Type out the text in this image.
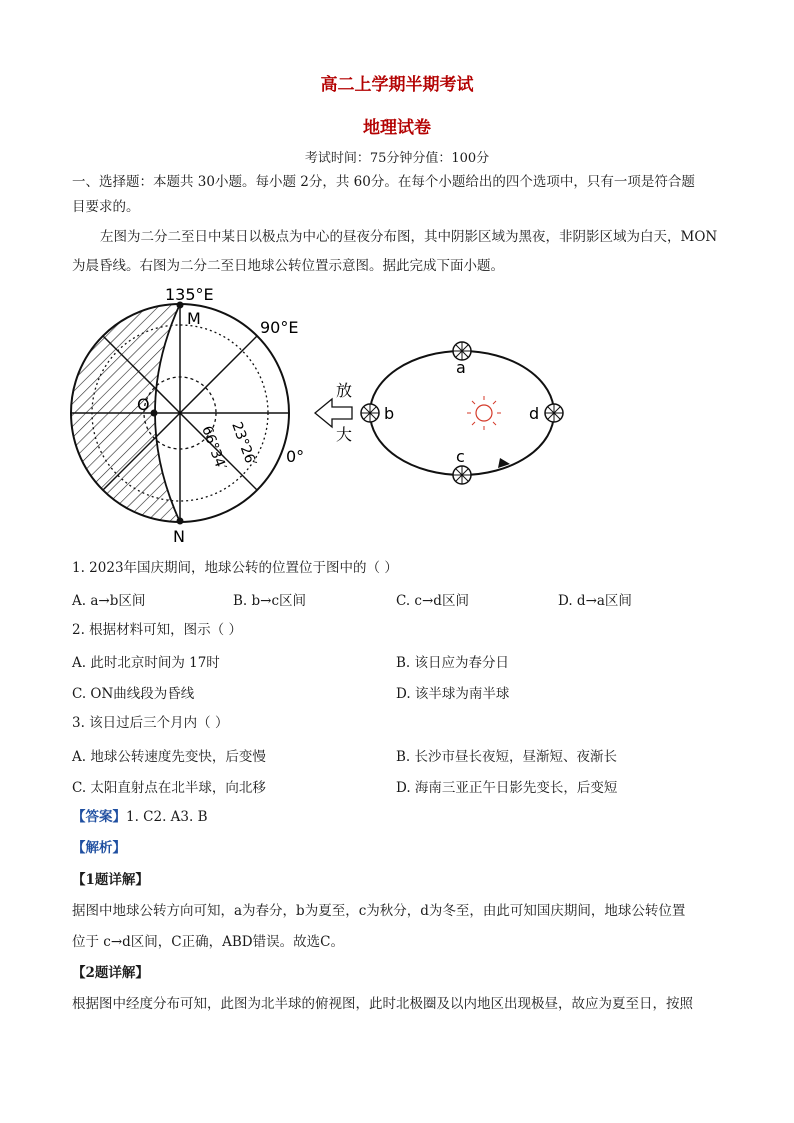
高二上学期半期考试
地理试卷
考试时间：75分钟分值：100分
一、选择题：本题共 30小题。每小题 2分，共 60分。在每个小题给出的四个选项中，只有一项是符合题
目要求的。
左图为二分二至日中某日以极点为中心的昼夜分布图，其中阴影区域为黑夜，非阴影区域为白天，MON
为晨昏线。右图为二分二至日地球公转位置示意图。据此完成下面小题。
135°E
M	90°E
0°
O
N
66°34′ 23°26′
放
大
a
b
c
d
1. 2023年国庆期间，地球公转的位置位于图中的（ ）
A. a→b区间	B. b→c区间	C. c→d区间	D. d→a区间
2. 根据材料可知，图示（ ）
A. 此时北京时间为 17时	B. 该日应为春分日
C. ON曲线段为昏线	D. 该半球为南半球
3. 该日过后三个月内（ ）
A. 地球公转速度先变快，后变慢	B. 长沙市昼长夜短，昼渐短、夜渐长
C. 太阳直射点在北半球，向北移	D. 海南三亚正午日影先变长，后变短
【答案】1. C2. A3. B
【解析】
【1题详解】
据图中地球公转方向可知，a为春分，b为夏至，c为秋分，d为冬至，由此可知国庆期间，地球公转位置
位于 c→d区间，C正确，ABD错误。故选C。
【2题详解】
根据图中经度分布可知，此图为北半球的俯视图，此时北极圈及以内地区出现极昼，故应为夏至日，按照
